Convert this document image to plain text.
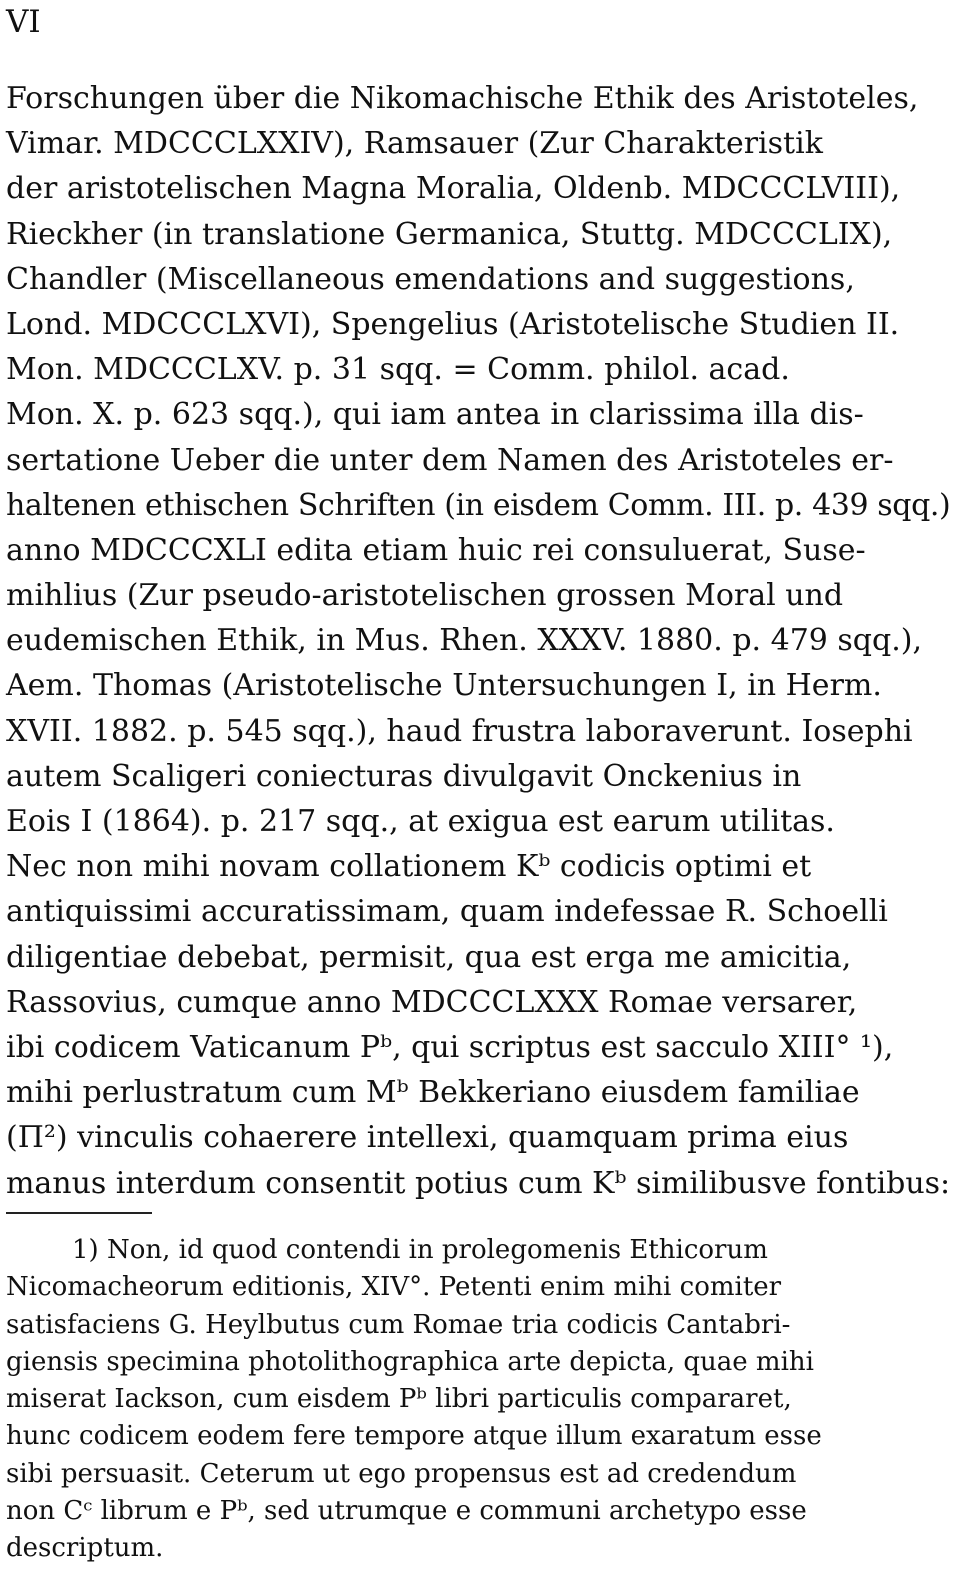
VI
Forschungen über die Nikomachische Ethik des Aristoteles,
Vimar. MDCCCLXXIV), Ramsauer (Zur Charakteristik
der aristotelischen Magna Moralia, Oldenb. MDCCCLVIII),
Rieckher (in translatione Germanica, Stuttg. MDCCCLIX),
Chandler (Miscellaneous emendations and suggestions,
Lond. MDCCCLXVI), Spengelius (Aristotelische Studien II.
Mon. MDCCCLXV. p. 31 sqq. = Comm. philol. acad.
Mon. X. p. 623 sqq.), qui iam antea in clarissima illa dis-
sertatione Ueber die unter dem Namen des Aristoteles er-
haltenen ethischen Schriften (in eisdem Comm. III. p. 439 sqq.)
anno MDCCCXLI edita etiam huic rei consuluerat, Suse-
mihlius (Zur pseudo-aristotelischen grossen Moral und
eudemischen Ethik, in Mus. Rhen. XXXV. 1880. p. 479 sqq.),
Aem. Thomas (Aristotelische Untersuchungen I, in Herm.
XVII. 1882. p. 545 sqq.), haud frustra laboraverunt. Iosephi
autem Scaligeri coniecturas divulgavit Onckenius in
Eois I (1864). p. 217 sqq., at exigua est earum utilitas.
Nec non mihi novam collationem Kᵇ codicis optimi et
antiquissimi accuratissimam, quam indefessae R. Schoelli
diligentiae debebat, permisit, qua est erga me amicitia,
Rassovius, cumque anno MDCCCLXXX Romae versarer,
ibi codicem Vaticanum Pᵇ, qui scriptus est sacculo XIII° ¹),
mihi perlustratum cum Mᵇ Bekkeriano eiusdem familiae
(Π²) vinculis cohaerere intellexi, quamquam prima eius
manus interdum consentit potius cum Kᵇ similibusve fontibus:
1) Non, id quod contendi in prolegomenis Ethicorum
Nicomacheorum editionis, XIV°. Petenti enim mihi comiter
satisfaciens G. Heylbutus cum Romae tria codicis Cantabri-
giensis specimina photolithographica arte depicta, quae mihi
miserat Iackson, cum eisdem Pᵇ libri particulis compararet,
hunc codicem eodem fere tempore atque illum exaratum esse
sibi persuasit. Ceterum ut ego propensus est ad credendum
non Cᶜ librum e Pᵇ, sed utrumque e communi archetypo esse
descriptum.
